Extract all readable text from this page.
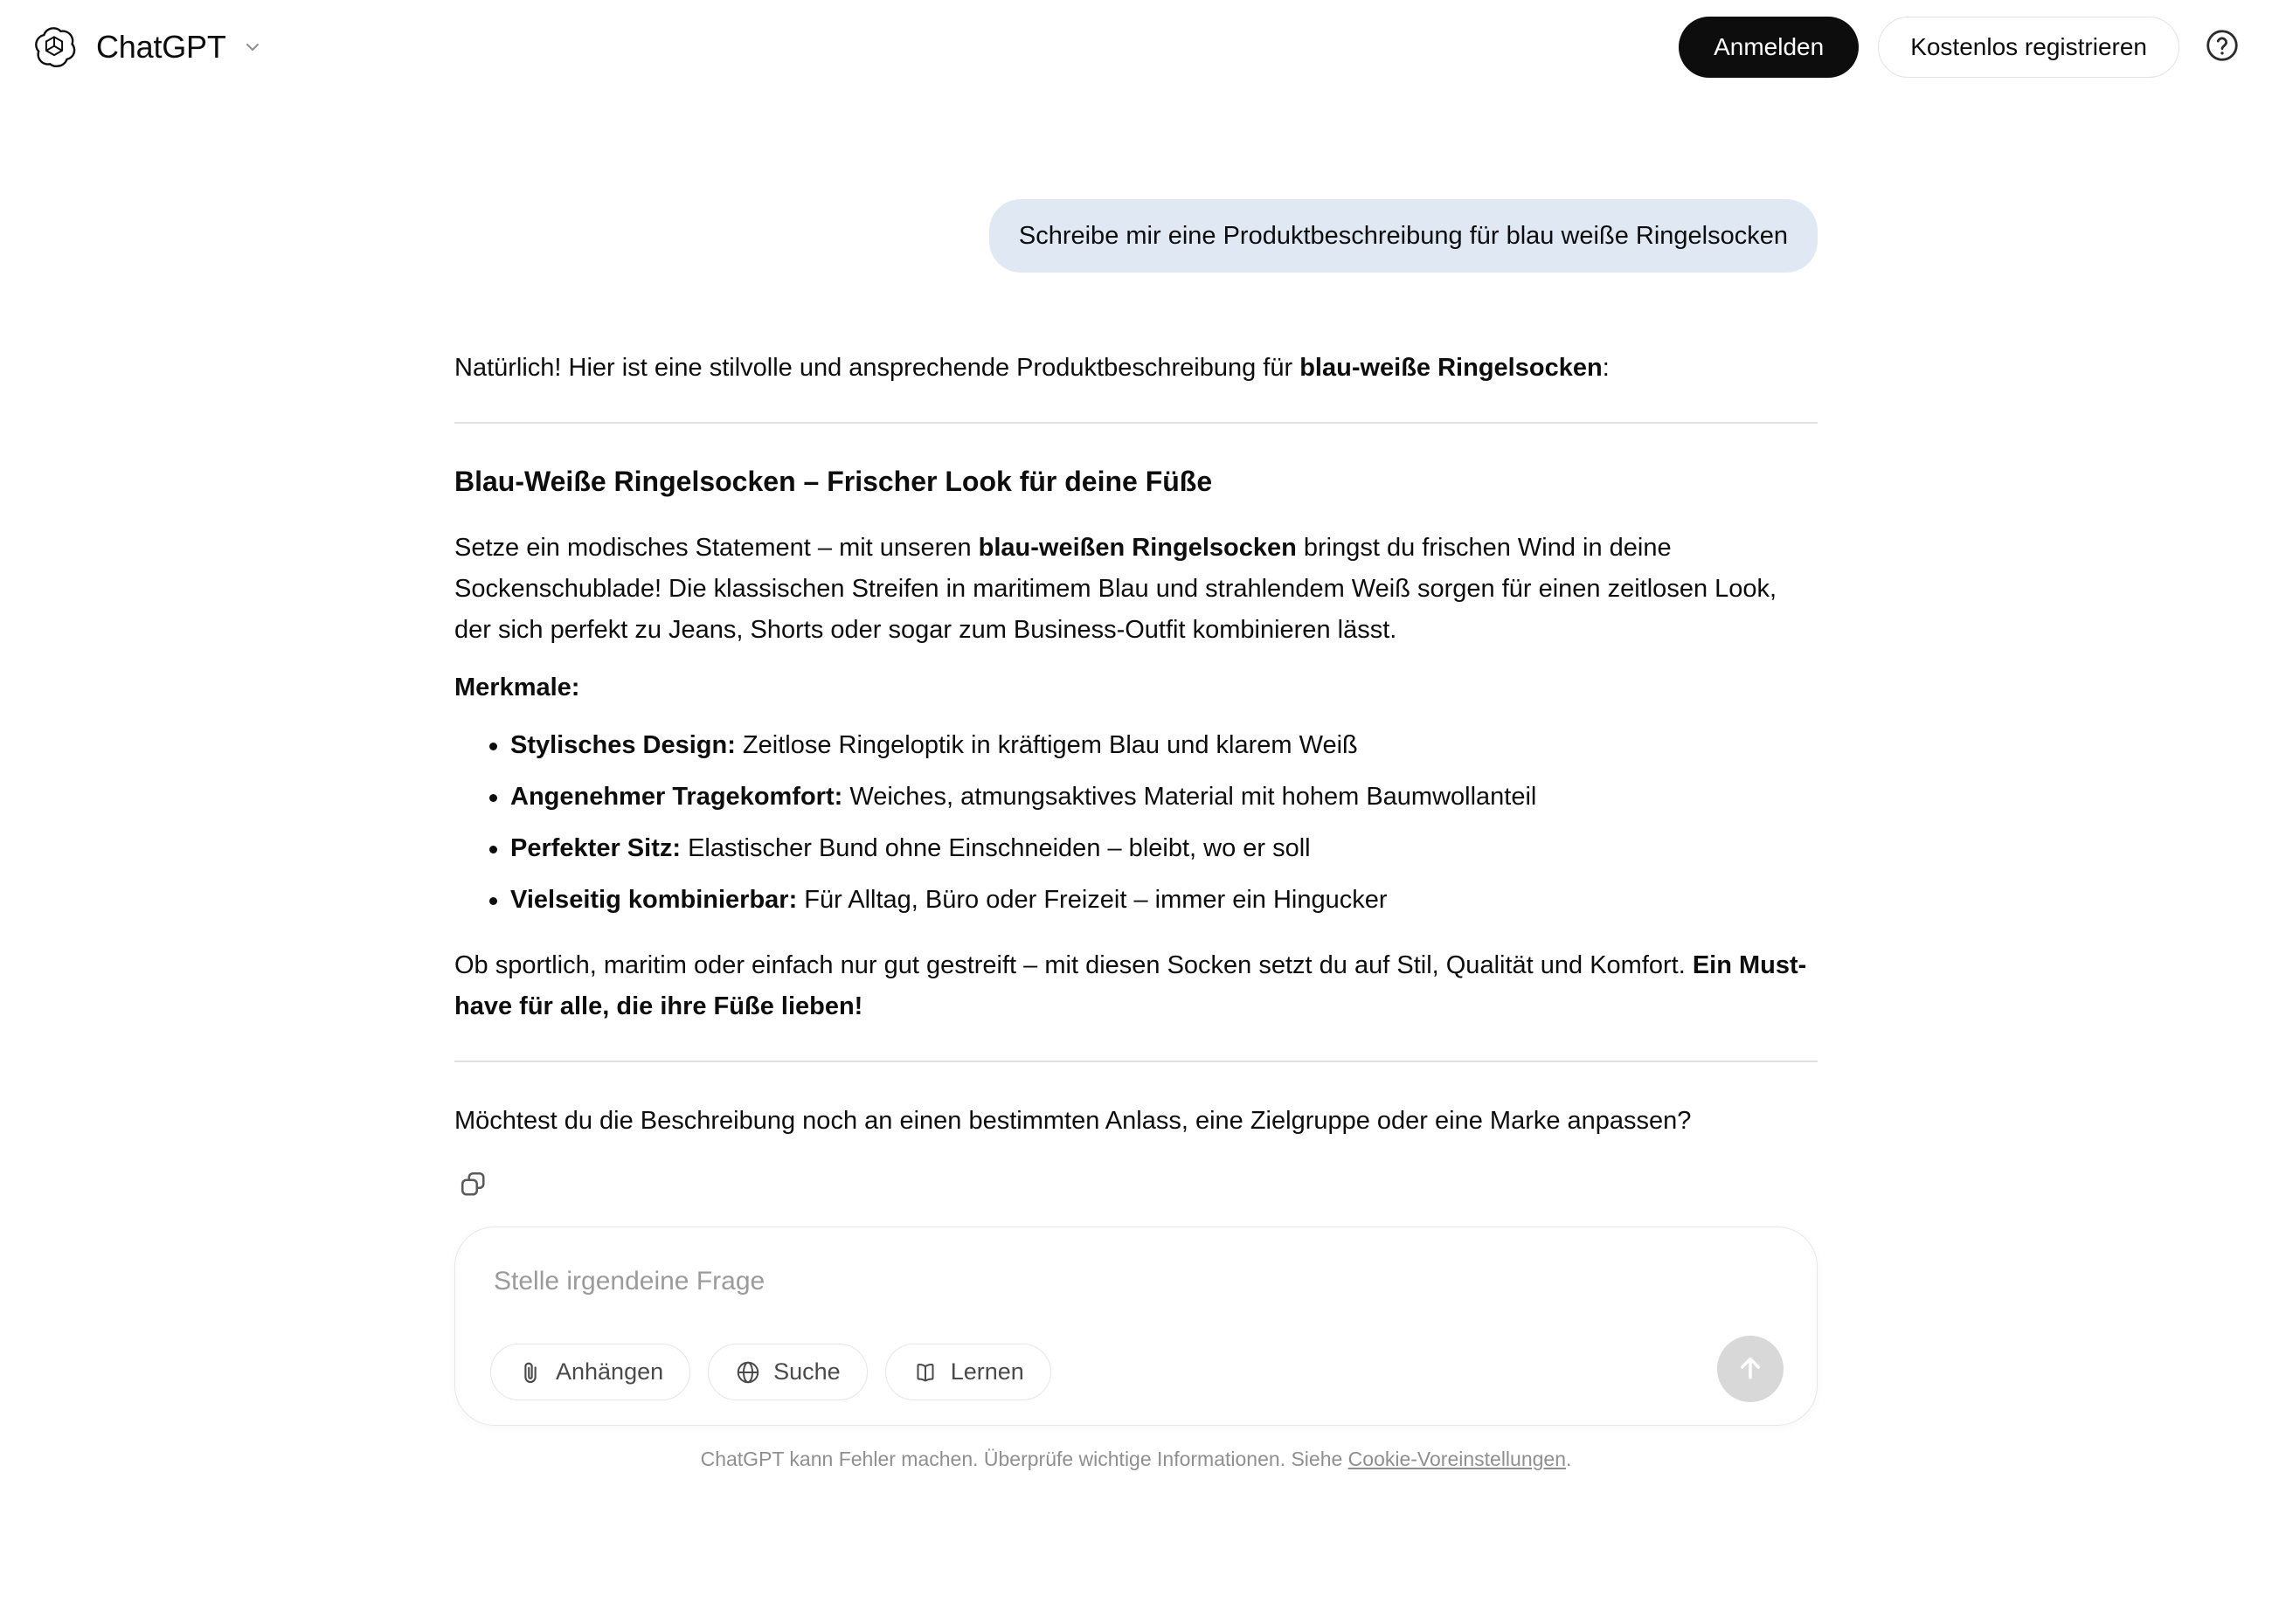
ChatGPT	Anmelden	Kostenlos registrieren
Schreibe mir eine Produktbeschreibung für blau weiße Ringelsocken

Natürlich! Hier ist eine stilvolle und ansprechende Produktbeschreibung für blau-weiße Ringelsocken:

Blau-Weiße Ringelsocken – Frischer Look für deine Füße

Setze ein modisches Statement – mit unseren blau-weißen Ringelsocken bringst du frischen Wind in deine Sockenschublade! Die klassischen Streifen in maritimem Blau und strahlendem Weiß sorgen für einen zeitlosen Look, der sich perfekt zu Jeans, Shorts oder sogar zum Business-Outfit kombinieren lässt.

Merkmale:
Stylisches Design: Zeitlose Ringeloptik in kräftigem Blau und klarem Weiß
Angenehmer Tragekomfort: Weiches, atmungsaktives Material mit hohem Baumwollanteil
Perfekter Sitz: Elastischer Bund ohne Einschneiden – bleibt, wo er soll
Vielseitig kombinierbar: Für Alltag, Büro oder Freizeit – immer ein Hingucker

Ob sportlich, maritim oder einfach nur gut gestreift – mit diesen Socken setzt du auf Stil, Qualität und Komfort. Ein Must-have für alle, die ihre Füße lieben!

Möchtest du die Beschreibung noch an einen bestimmten Anlass, eine Zielgruppe oder eine Marke anpassen?

Stelle irgendeine Frage
Anhängen	Suche	Lernen
ChatGPT kann Fehler machen. Überprüfe wichtige Informationen. Siehe Cookie-Voreinstellungen.
